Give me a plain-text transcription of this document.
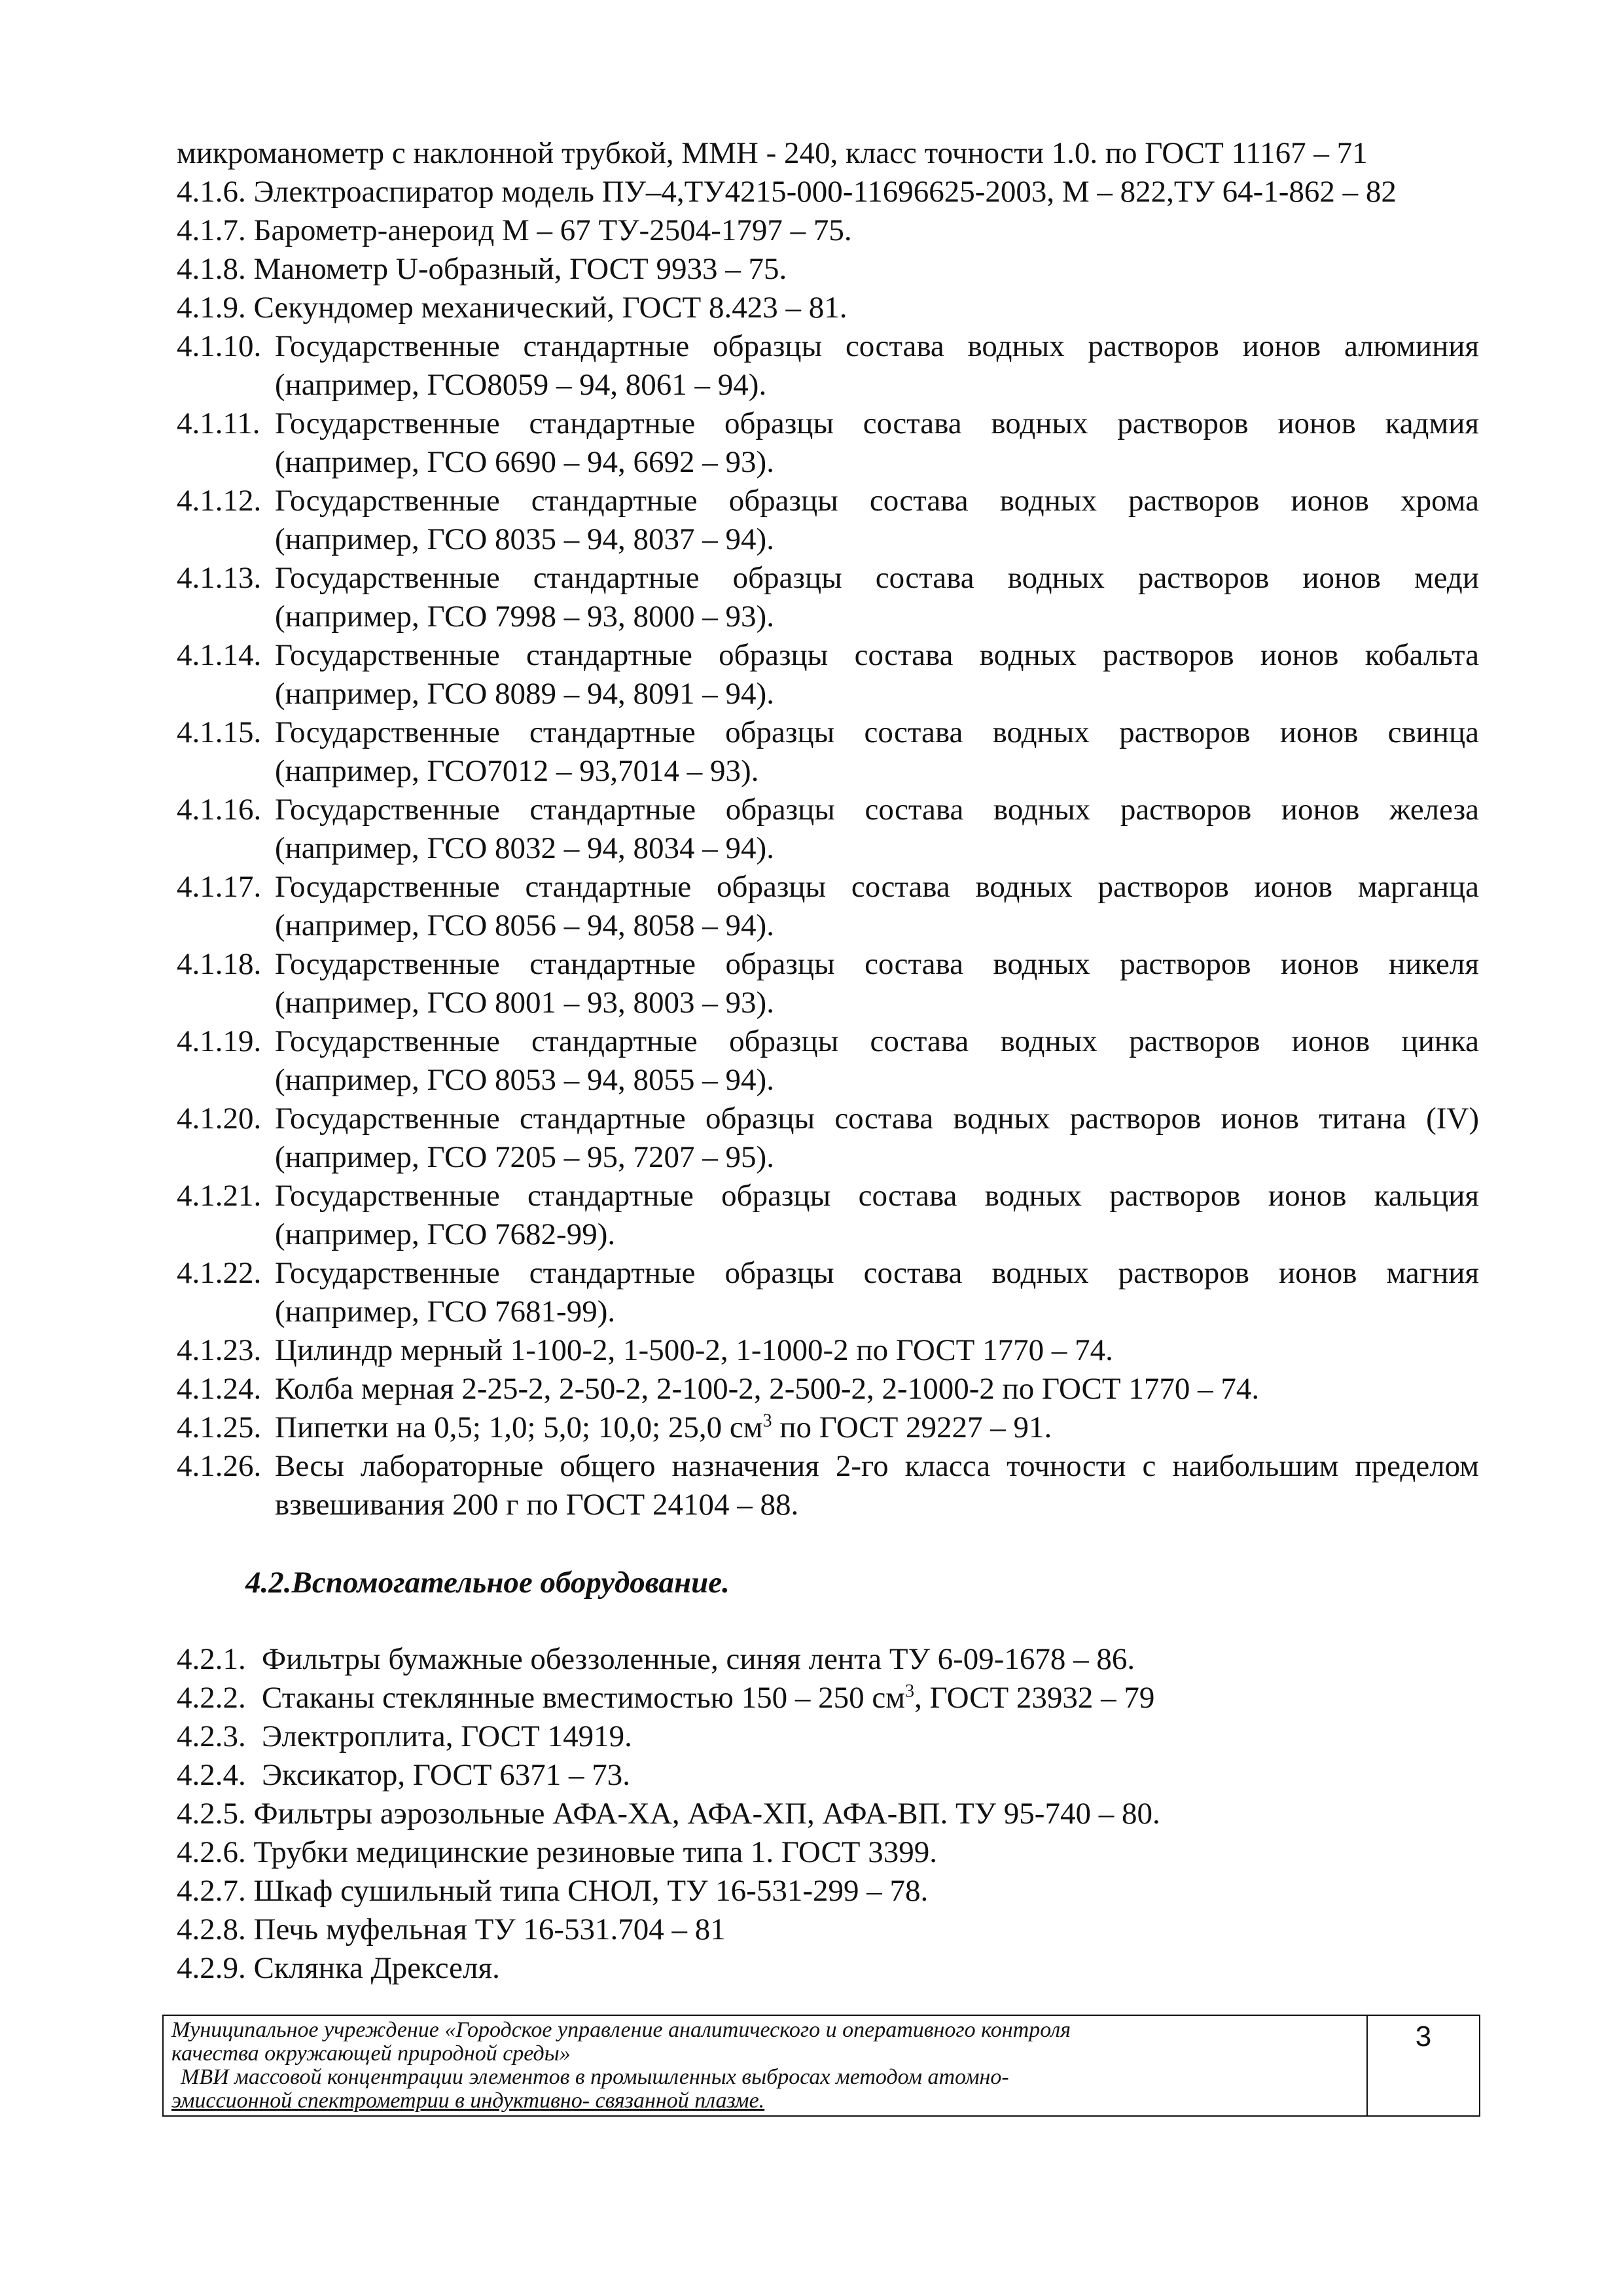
микроманометр с наклонной трубкой, ММН - 240, класс точности 1.0. по ГОСТ 11167 – 71
4.1.6. Электроаспиратор модель ПУ–4,ТУ4215-000-11696625-2003, М – 822,ТУ 64-1-862 – 82
4.1.7. Барометр-анероид М – 67 ТУ-2504-1797 – 75.
4.1.8. Манометр U-образный, ГОСТ 9933 – 75.
4.1.9. Секундомер механический, ГОСТ 8.423 – 81.
4.1.10. Государственные стандартные образцы состава водных растворов ионов алюминия
(например, ГСО8059 – 94, 8061 – 94).
4.1.11. Государственные стандартные образцы состава водных растворов ионов кадмия
(например, ГСО 6690 – 94, 6692 – 93).
4.1.12. Государственные стандартные образцы состава водных растворов ионов хрома
(например, ГСО 8035 – 94, 8037 – 94).
4.1.13. Государственные стандартные образцы состава водных растворов ионов меди
(например, ГСО 7998 – 93, 8000 – 93).
4.1.14. Государственные стандартные образцы состава водных растворов ионов кобальта
(например, ГСО 8089 – 94, 8091 – 94).
4.1.15. Государственные стандартные образцы состава водных растворов ионов свинца
(например, ГСО7012 – 93,7014 – 93).
4.1.16. Государственные стандартные образцы состава водных растворов ионов железа
(например, ГСО 8032 – 94, 8034 – 94).
4.1.17. Государственные стандартные образцы состава водных растворов ионов марганца
(например, ГСО 8056 – 94, 8058 – 94).
4.1.18. Государственные стандартные образцы состава водных растворов ионов никеля
(например, ГСО 8001 – 93, 8003 – 93).
4.1.19. Государственные стандартные образцы состава водных растворов ионов цинка
(например, ГСО 8053 – 94, 8055 – 94).
4.1.20. Государственные стандартные образцы состава водных растворов ионов титана (IV)
(например, ГСО 7205 – 95, 7207 – 95).
4.1.21. Государственные стандартные образцы состава водных растворов ионов кальция
(например, ГСО 7682-99).
4.1.22. Государственные стандартные образцы состава водных растворов ионов магния
(например, ГСО 7681-99).
4.1.23. Цилиндр мерный 1-100-2, 1-500-2, 1-1000-2 по ГОСТ 1770 – 74.
4.1.24. Колба мерная 2-25-2, 2-50-2, 2-100-2, 2-500-2, 2-1000-2 по ГОСТ 1770 – 74.
4.1.25. Пипетки на 0,5; 1,0; 5,0; 10,0; 25,0 $см^3$ по ГОСТ 29227 – 91.
4.1.26. Весы лабораторные общего назначения 2-го класса точности с наибольшим пределом
взвешивания 200 г по ГОСТ 24104 – 88.
4.2.Вспомогательное оборудование.
4.2.1. Фильтры бумажные обеззоленные, синяя лента ТУ 6-09-1678 – 86.
4.2.2. Стаканы стеклянные вместимостью 150 – 250 $см^3$, ГОСТ 23932 – 79
4.2.3. Электроплита, ГОСТ 14919.
4.2.4. Эксикатор, ГОСТ 6371 – 73.
4.2.5. Фильтры аэрозольные АФА-ХА, АФА-ХП, АФА-ВП. ТУ 95-740 – 80.
4.2.6. Трубки медицинские резиновые типа 1. ГОСТ 3399.
4.2.7. Шкаф сушильный типа СНОЛ, ТУ 16-531-299 – 78.
4.2.8. Печь муфельная ТУ 16-531.704 – 81
4.2.9. Склянка Дрекселя.
Муниципальное учреждение «Городское управление аналитического и оперативного контроля
качества окружающей природной среды»
МВИ массовой концентрации элементов в промышленных выбросах методом атомно-
эмиссионной спектрометрии в индуктивно- связанной плазме.
3
